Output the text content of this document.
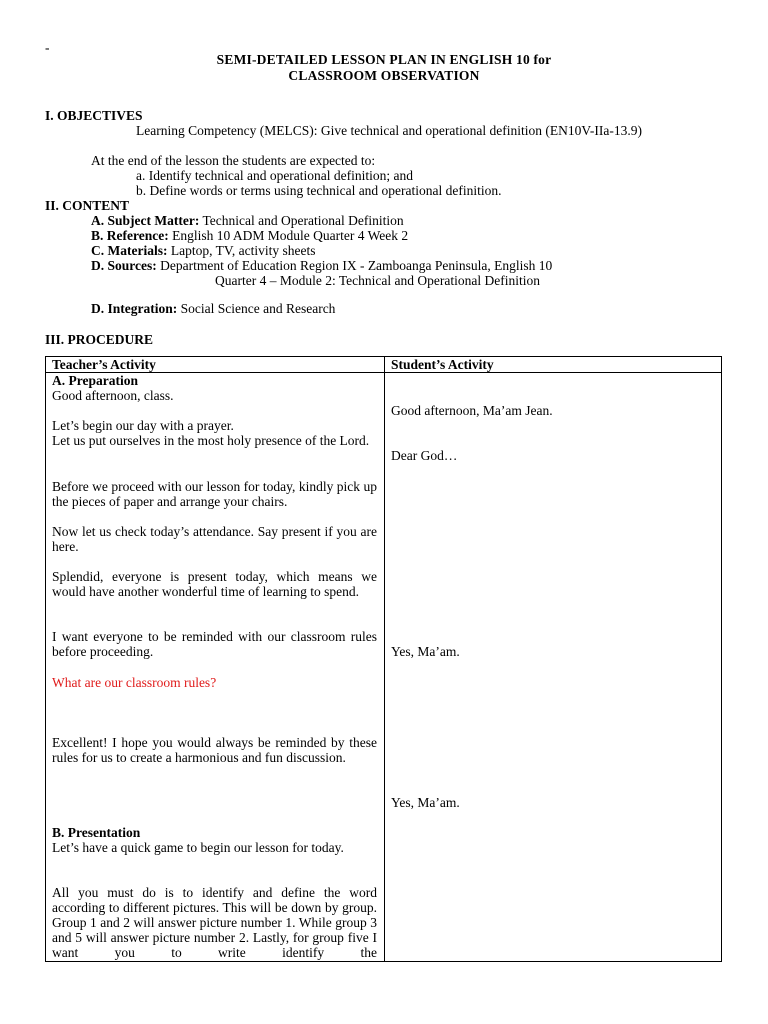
-
SEMI-DETAILED LESSON PLAN IN ENGLISH 10 for
CLASSROOM OBSERVATION
I. OBJECTIVES
Learning Competency (MELCS): Give technical and operational definition (EN10V-IIa-13.9)
At the end of the lesson the students are expected to:
a. Identify technical and operational definition; and
b. Define words or terms using technical and operational definition.
II. CONTENT
A. Subject Matter: Technical and Operational Definition
B. Reference: English 10 ADM Module Quarter 4 Week 2
C. Materials: Laptop, TV, activity sheets
D. Sources: Department of Education Region IX - Zamboanga Peninsula, English 10
Quarter 4 – Module 2: Technical and Operational Definition
D. Integration: Social Science and Research
III. PROCEDURE
Teacher’s Activity	Student’s Activity
A. Preparation

Good afternoon, class.

Let’s begin our day with a prayer.

Let us put ourselves in the most holy presence of the Lord.

Before we proceed with our lesson for today, kindly pick up the pieces of paper and arrange your chairs.

Now let us check today’s attendance. Say present if you are here.

Splendid, everyone is present today, which means we would have another wonderful time of learning to spend.

I want everyone to be reminded with our classroom rules before proceeding.

What are our classroom rules?

Excellent! I hope you would always be reminded by these rules for us to create a harmonious and fun discussion.

B. Presentation

Let’s have a quick game to begin our lesson for today.

All you must do is to identify and define the word according to different pictures. This will be down by group. Group 1 and 2 will answer picture number 1. While group 3 and 5 will answer picture number 2. Lastly, for group five I want you to write identify the

Good afternoon, Ma’am Jean.
Dear God…
Yes, Ma’am.
Yes, Ma’am.
